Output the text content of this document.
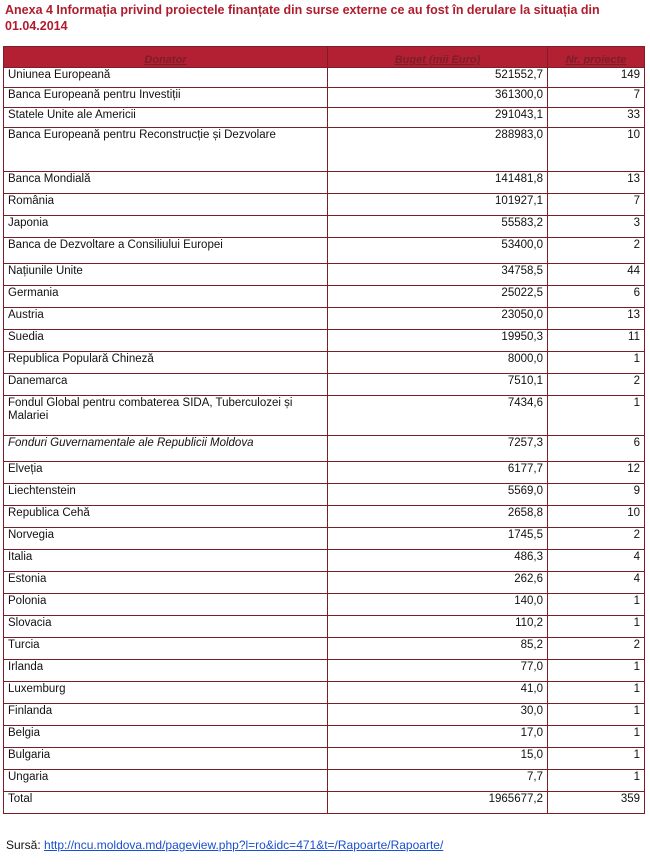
Anexa 4 Informația privind proiectele finanțate din surse externe ce au fost în derulare la situația din
01.04.2014
Donator	Buget (mii Euro)	Nr. proiecte
Uniunea Europeană	521552,7	149
Banca Europeană pentru Investiții	361300,0	7
Statele Unite ale Americii	291043,1	33
Banca Europeană pentru Reconstrucție și Dezvolare	288983,0	10
Banca Mondială	141481,8	13
România	101927,1	7
Japonia	55583,2	3
Banca de Dezvoltare a Consiliului Europei	53400,0	2
Națiunile Unite	34758,5	44
Germania	25022,5	6
Austria	23050,0	13
Suedia	19950,3	11
Republica Populară Chineză	8000,0	1
Danemarca	7510,1	2
Fondul Global pentru combaterea SIDA, Tuberculozei și Malariei	7434,6	1
Fonduri Guvernamentale ale Republicii Moldova	7257,3	6
Elveția	6177,7	12
Liechtenstein	5569,0	9
Republica Cehă	2658,8	10
Norvegia	1745,5	2
Italia	486,3	4
Estonia	262,6	4
Polonia	140,0	1
Slovacia	110,2	1
Turcia	85,2	2
Irlanda	77,0	1
Luxemburg	41,0	1
Finlanda	30,0	1
Belgia	17,0	1
Bulgaria	15,0	1
Ungaria	7,7	1
Total	1965677,2	359
Sursă: http://ncu.moldova.md/pageview.php?l=ro&idc=471&t=/Rapoarte/Rapoarte/
